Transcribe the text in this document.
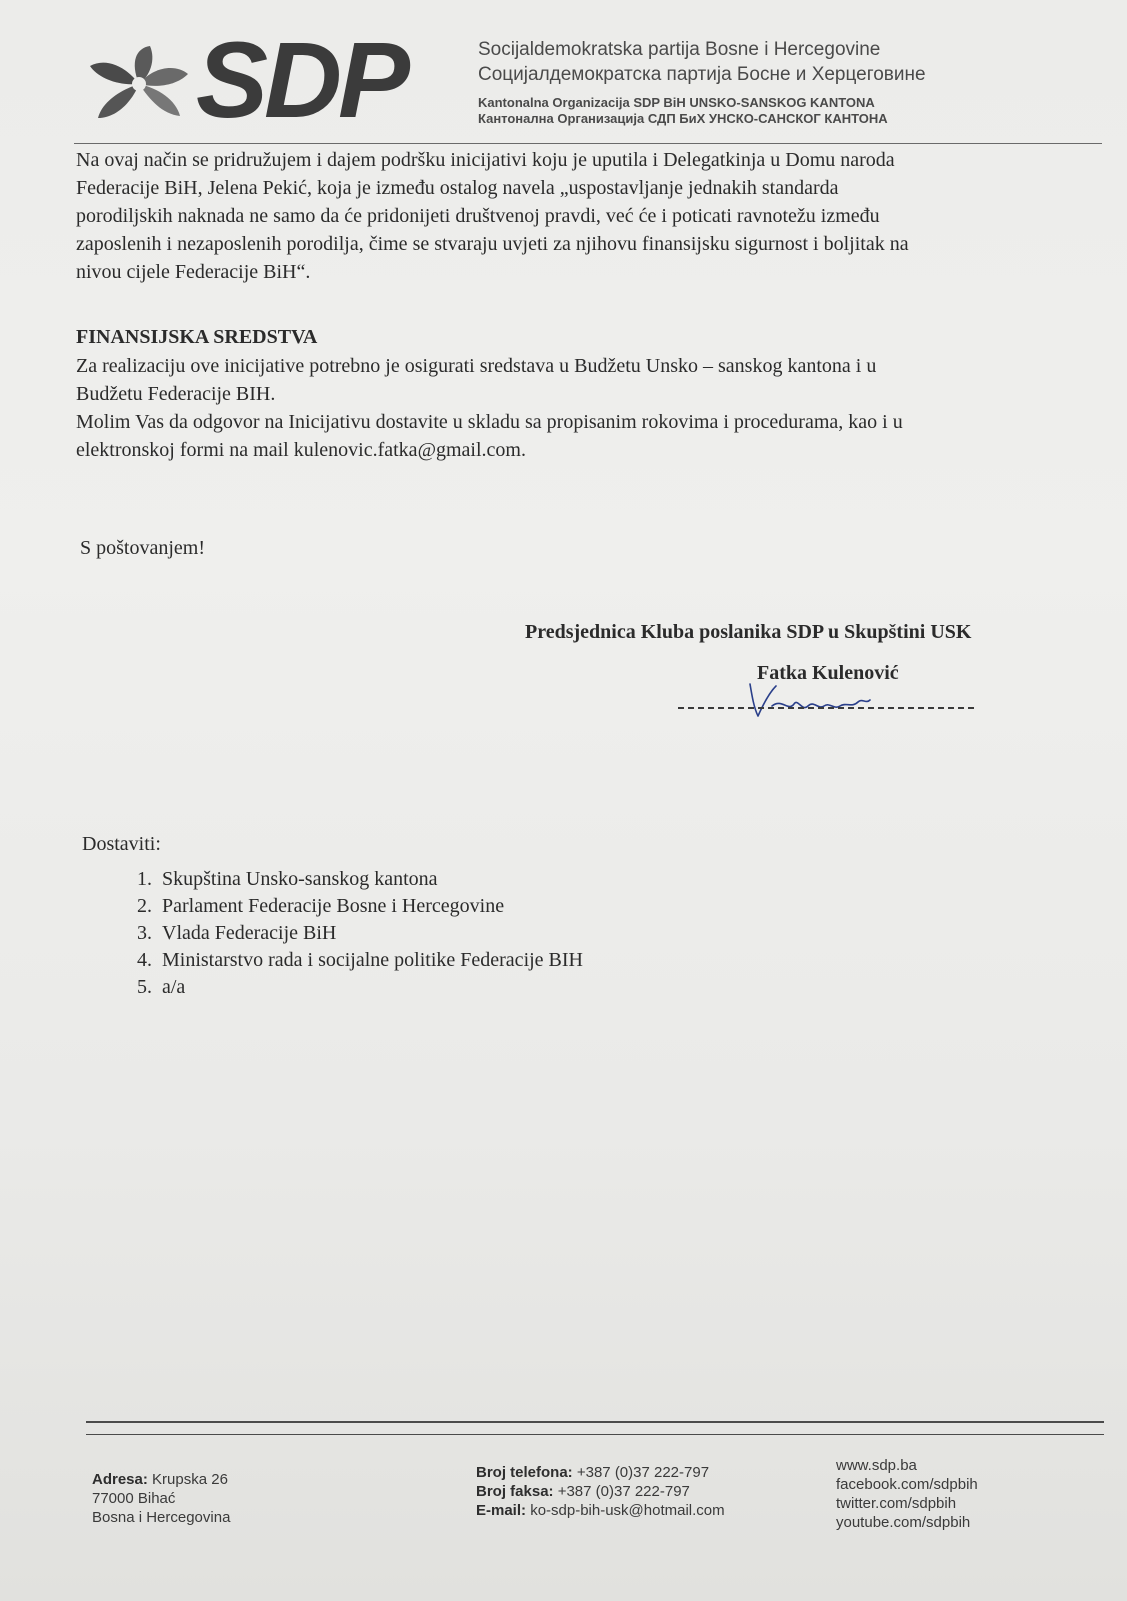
SDP	Socijaldemokratska partija Bosne i Hercegovine
Социјалдемократска партија Босне и Херцеговине
Kantonalna Organizacija SDP BiH UNSKO-SANSKOG KANTONA
Кантонална Организација СДП БиХ УНСКО-САНСКОГ КАНТОНА

Na ovaj način se pridružujem i dajem podršku inicijativi koju je uputila i Delegatkinja u Domu naroda
Federacije BiH, Jelena Pekić, koja je između ostalog navela „uspostavljanje jednakih standarda
porodiljskih naknada ne samo da će pridonijeti društvenoj pravdi, već će i poticati ravnotežu između
zaposlenih i nezaposlenih porodilja, čime se stvaraju uvjeti za njihovu finansijsku sigurnost i boljitak na
nivou cijele Federacije BiH“.

FINANSIJSKA SREDSTVA

Za realizaciju ove inicijative potrebno je osigurati sredstava u Budžetu Unsko – sanskog kantona i u
Budžetu Federacije BIH.
Molim Vas da odgovor na Inicijativu dostavite u skladu sa propisanim rokovima i procedurama, kao i u
elektronskoj formi na mail kulenovic.fatka@gmail.com.

S poštovanjem!
Predsjednica Kluba poslanika SDP u Skupštini USK
Fatka Kulenović
Dostaviti:
1. Skupština Unsko-sanskog kantona
2. Parlament Federacije Bosne i Hercegovine
3. Vlada Federacije BiH
4. Ministarstvo rada i socijalne politike Federacije BIH
5. a/a
Adresa: Krupska 26
77000 Bihać
Bosna i Hercegovina
Broj telefona: +387 (0)37 222-797
Broj faksa: +387 (0)37 222-797
E-mail: ko-sdp-bih-usk@hotmail.com
www.sdp.ba
facebook.com/sdpbih
twitter.com/sdpbih
youtube.com/sdpbih
